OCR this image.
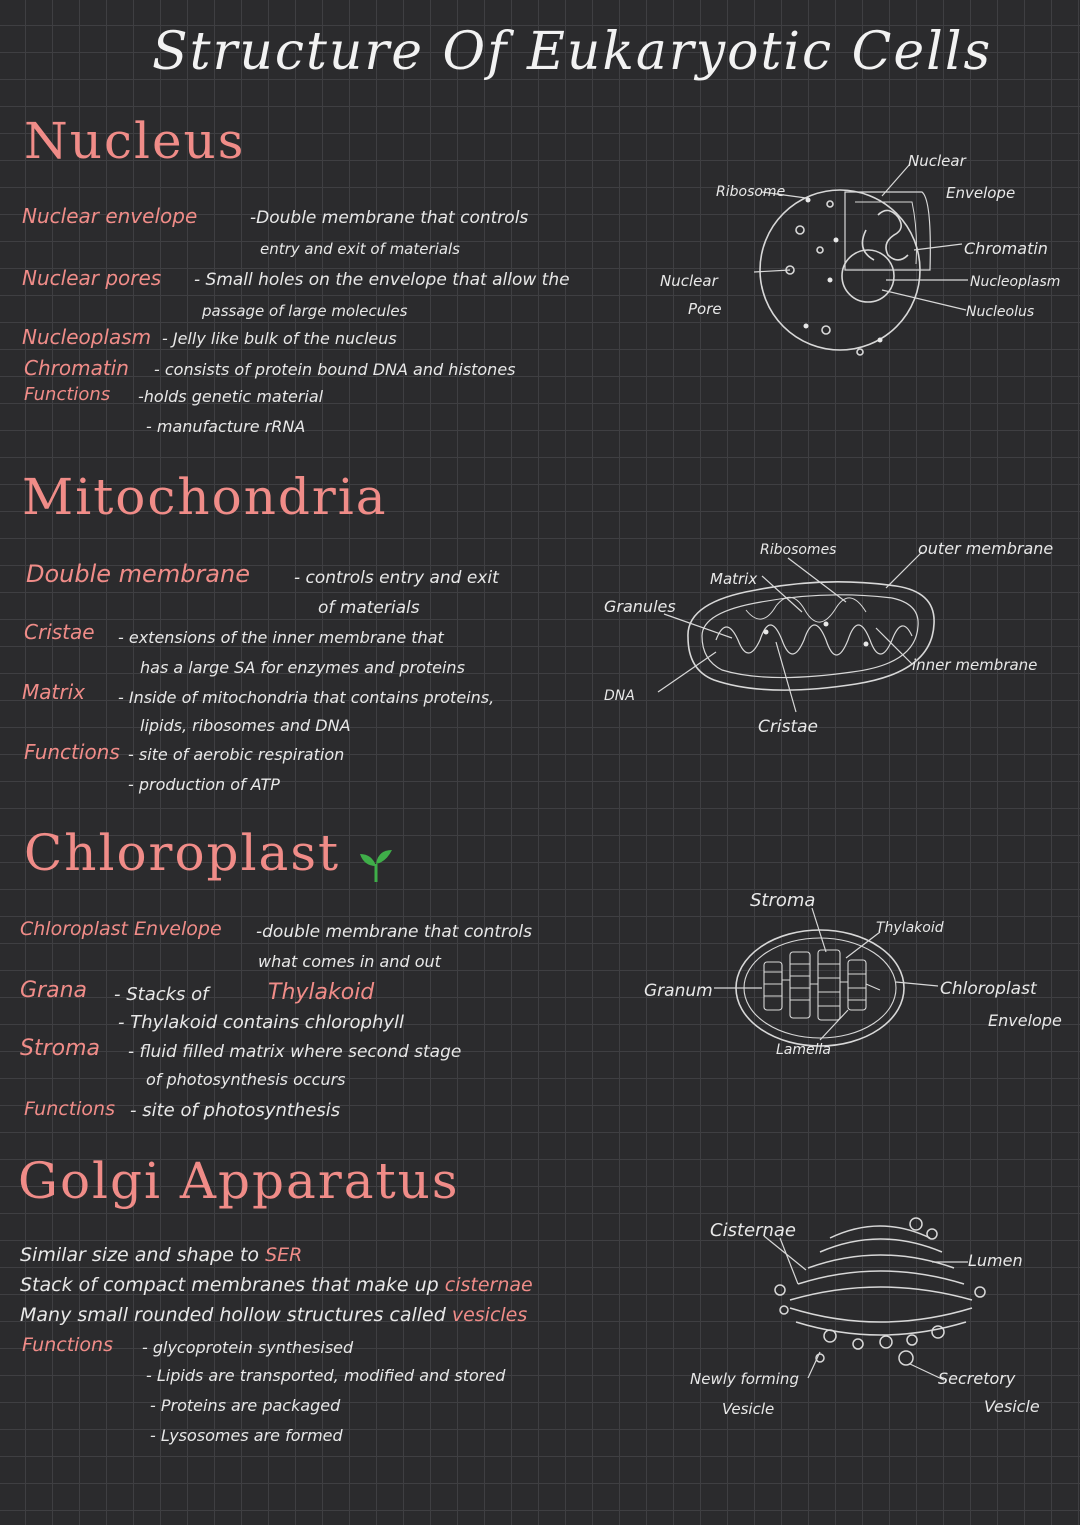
Structure Of Eukaryotic Cells
Nucleus
Nuclear envelope	-Double membrane that controls
entry and exit of materials
Nuclear pores - Small holes on the envelope that allow the
passage of large molecules
Nucleoplasm - Jelly like bulk of the nucleus
Chromatin - consists of protein bound DNA and histones
Functions -holds genetic material
- manufacture rRNA
Ribosome
Nuclear
Envelope
Chromatin
Nucleoplasm
Nucleolus
Nuclear
Pore
Mitochondria
Double membrane	- controls entry and exit
of materials
Cristae - extensions of the inner membrane that
has a large SA for enzymes and proteins
Matrix - Inside of mitochondria that contains proteins,
lipids, ribosomes and DNA
Functions - site of aerobic respiration
- production of ATP
Ribosomes	outer membrane
Matrix
Granules
inner membrane
DNA
Cristae
Chloroplast
Chloroplast Envelope -double membrane that controls
what comes in and out
Grana - Stacks of	Thylakoid
- Thylakoid contains chlorophyll
Stroma - fluid filled matrix where second stage
of photosynthesis occurs
Functions - site of photosynthesis
Stroma
Thylakoid
Granum	Chloroplast
Envelope
Lamella
Golgi Apparatus
Similar size and shape to SER
Stack of compact membranes that make up cisternae
Many small rounded hollow structures called vesicles
Functions - glycoprotein synthesised
- Lipids are transported, modified and stored
- Proteins are packaged
- Lysosomes are formed
Cisternae
Lumen
Newly forming
Vesicle
Secretory
Vesicle
